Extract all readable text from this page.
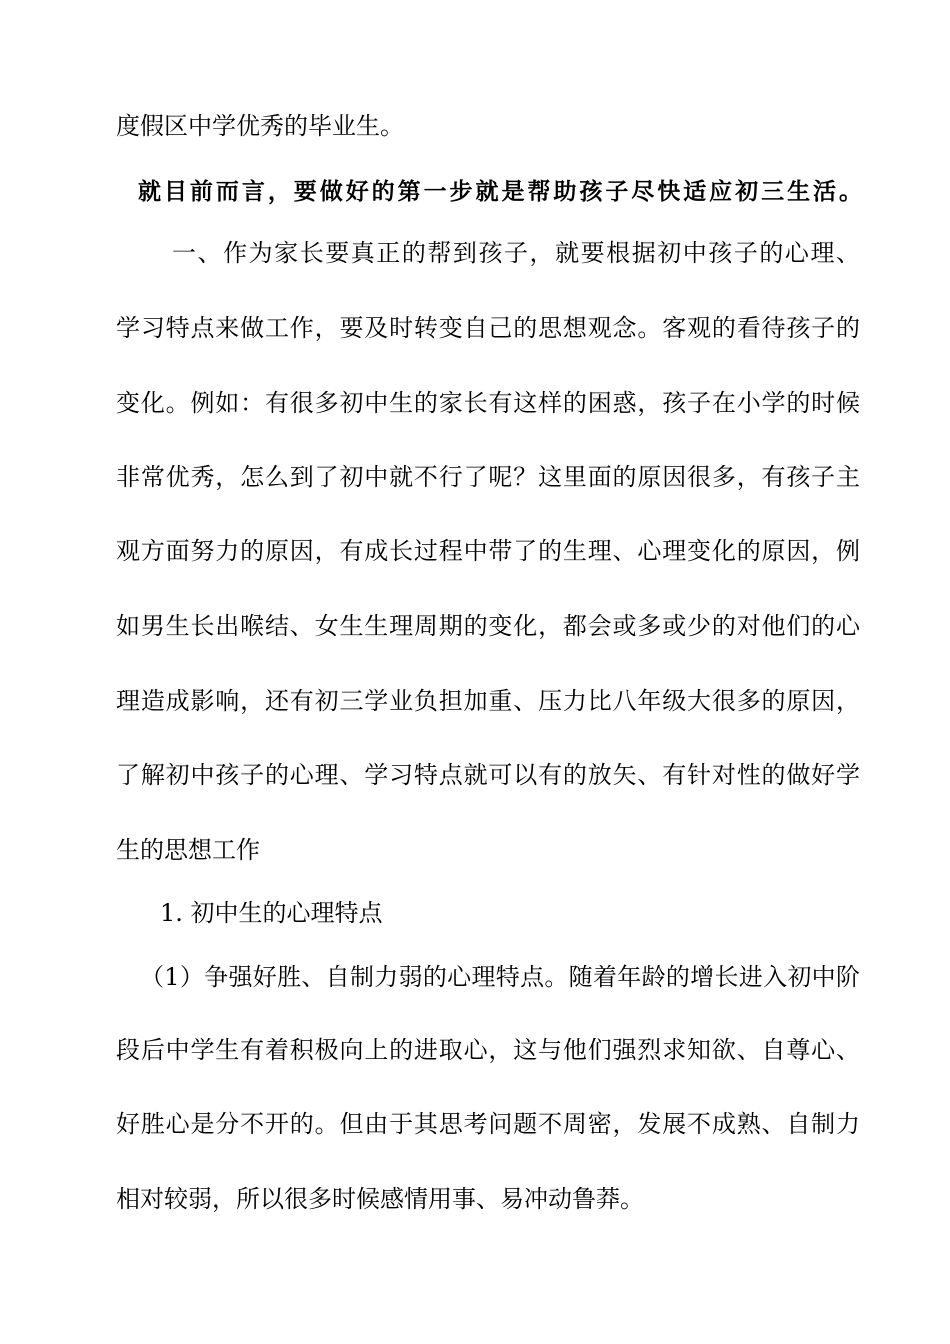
度假区中学优秀的毕业生。
就目前而言，要做好的第一步就是帮助孩子尽快适应初三生活。
一、作为家长要真正的帮到孩子，就要根据初中孩子的心理、
学习特点来做工作，要及时转变自己的思想观念。客观的看待孩子的
变化。例如：有很多初中生的家长有这样的困惑，孩子在小学的时候
非常优秀，怎么到了初中就不行了呢？这里面的原因很多，有孩子主
观方面努力的原因，有成长过程中带了的生理、心理变化的原因，例
如男生长出喉结、女生生理周期的变化，都会或多或少的对他们的心
理造成影响，还有初三学业负担加重、压力比八年级大很多的原因，
了解初中孩子的心理、学习特点就可以有的放矢、有针对性的做好学
生的思想工作
1. 初中生的心理特点
（1）争强好胜、自制力弱的心理特点。随着年龄的增长进入初中阶
段后中学生有着积极向上的进取心，这与他们强烈求知欲、自尊心、
好胜心是分不开的。但由于其思考问题不周密，发展不成熟、自制力
相对较弱，所以很多时候感情用事、易冲动鲁莽。
